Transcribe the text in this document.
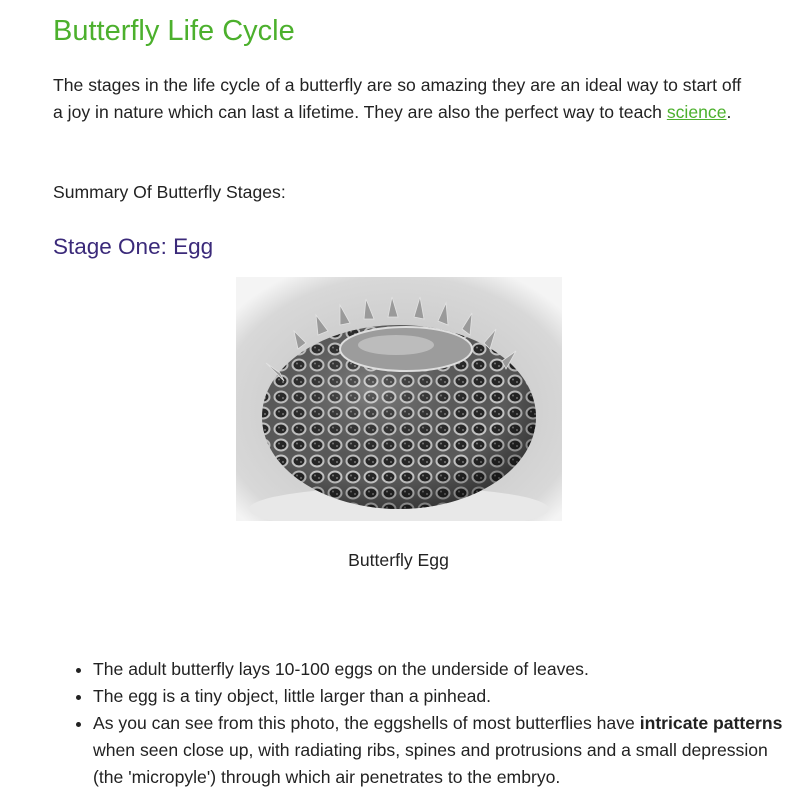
Butterfly Life Cycle

The stages in the life cycle of a butterfly are so amazing they are an ideal way to start off a joy in nature which can last a lifetime. They are also the perfect way to teach science.

Summary Of Butterfly Stages:

Stage One: Egg

Butterfly Egg

• The adult butterfly lays 10-100 eggs on the underside of leaves.
• The egg is a tiny object, little larger than a pinhead.
• As you can see from this photo, the eggshells of most butterflies have intricate patterns when seen close up, with radiating ribs, spines and protrusions and a small depression (the 'micropyle') through which air penetrates to the embryo.
